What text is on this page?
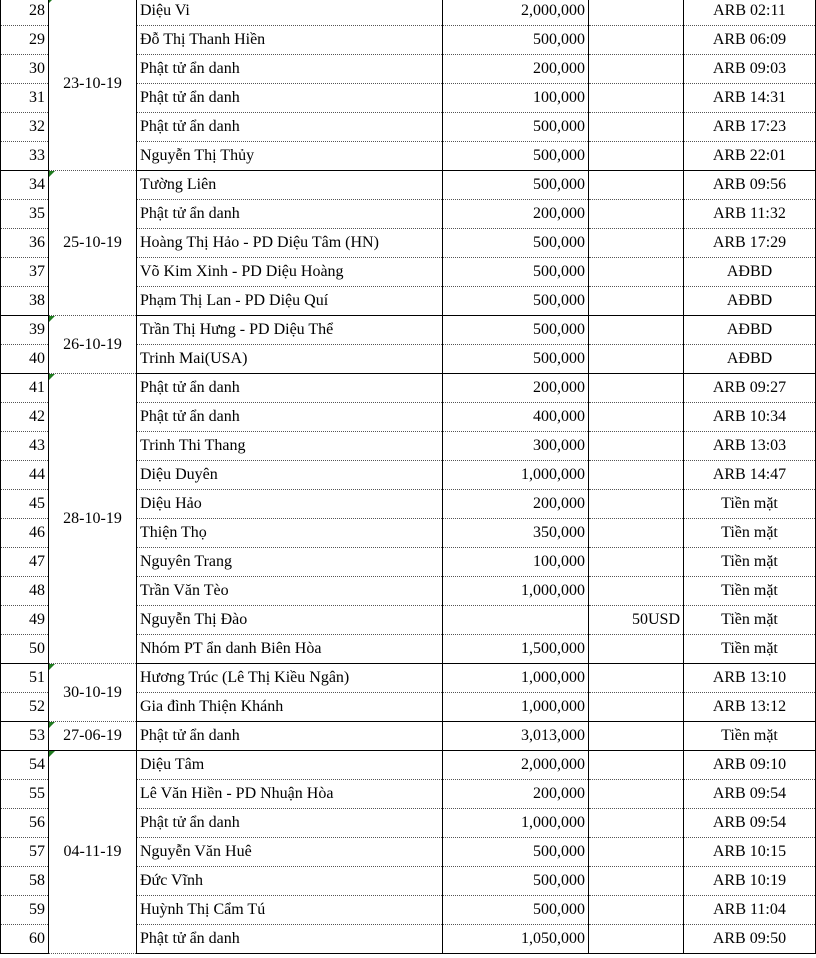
28	23-10-19	Diệu Vi	2,000,000		ARB 02:11
29		Đỗ Thị Thanh Hiền	500,000		ARB 06:09
30		Phật tử ẩn danh	200,000		ARB 09:03
31		Phật tử ẩn danh	100,000		ARB 14:31
32		Phật tử ẩn danh	500,000		ARB 17:23
33		Nguyễn Thị Thủy	500,000		ARB 22:01
34	25-10-19	Tường Liên	500,000		ARB 09:56
35		Phật tử ẩn danh	200,000		ARB 11:32
36		Hoàng Thị Hảo - PD Diệu Tâm (HN)	500,000		ARB 17:29
37		Võ Kim Xinh - PD Diệu Hoàng	500,000		AĐBD
38		Phạm Thị Lan - PD Diệu Quí	500,000		AĐBD
39	26-10-19	Trần Thị Hưng - PD Diệu Thể	500,000		AĐBD
40		Trinh Mai(USA)	500,000		AĐBD
41	28-10-19	Phật tử ẩn danh	200,000		ARB 09:27
42		Phật tử ẩn danh	400,000		ARB 10:34
43		Trinh Thi Thang	300,000		ARB 13:03
44		Diệu Duyên	1,000,000		ARB 14:47
45		Diệu Hảo	200,000		Tiền mặt
46		Thiện Thọ	350,000		Tiền mặt
47		Nguyên Trang	100,000		Tiền mặt
48		Trần Văn Tèo	1,000,000		Tiền mặt
49		Nguyễn Thị Đào		50USD	Tiền mặt
50		Nhóm PT ẩn danh Biên Hòa	1,500,000		Tiền mặt
51	30-10-19	Hương Trúc (Lê Thị Kiều Ngân)	1,000,000		ARB 13:10
52		Gia đình Thiện Khánh	1,000,000		ARB 13:12
53	27-06-19	Phật tử ẩn danh	3,013,000		Tiền mặt
54	04-11-19	Diệu Tâm	2,000,000		ARB 09:10
55		Lê Văn Hiền - PD Nhuận Hòa	200,000		ARB 09:54
56		Phật tử ẩn danh	1,000,000		ARB 09:54
57		Nguyễn Văn Huê	500,000		ARB 10:15
58		Đức Vĩnh	500,000		ARB 10:19
59		Huỳnh Thị Cẩm Tú	500,000		ARB 11:04
60		Phật tử ẩn danh	1,050,000		ARB 09:50
